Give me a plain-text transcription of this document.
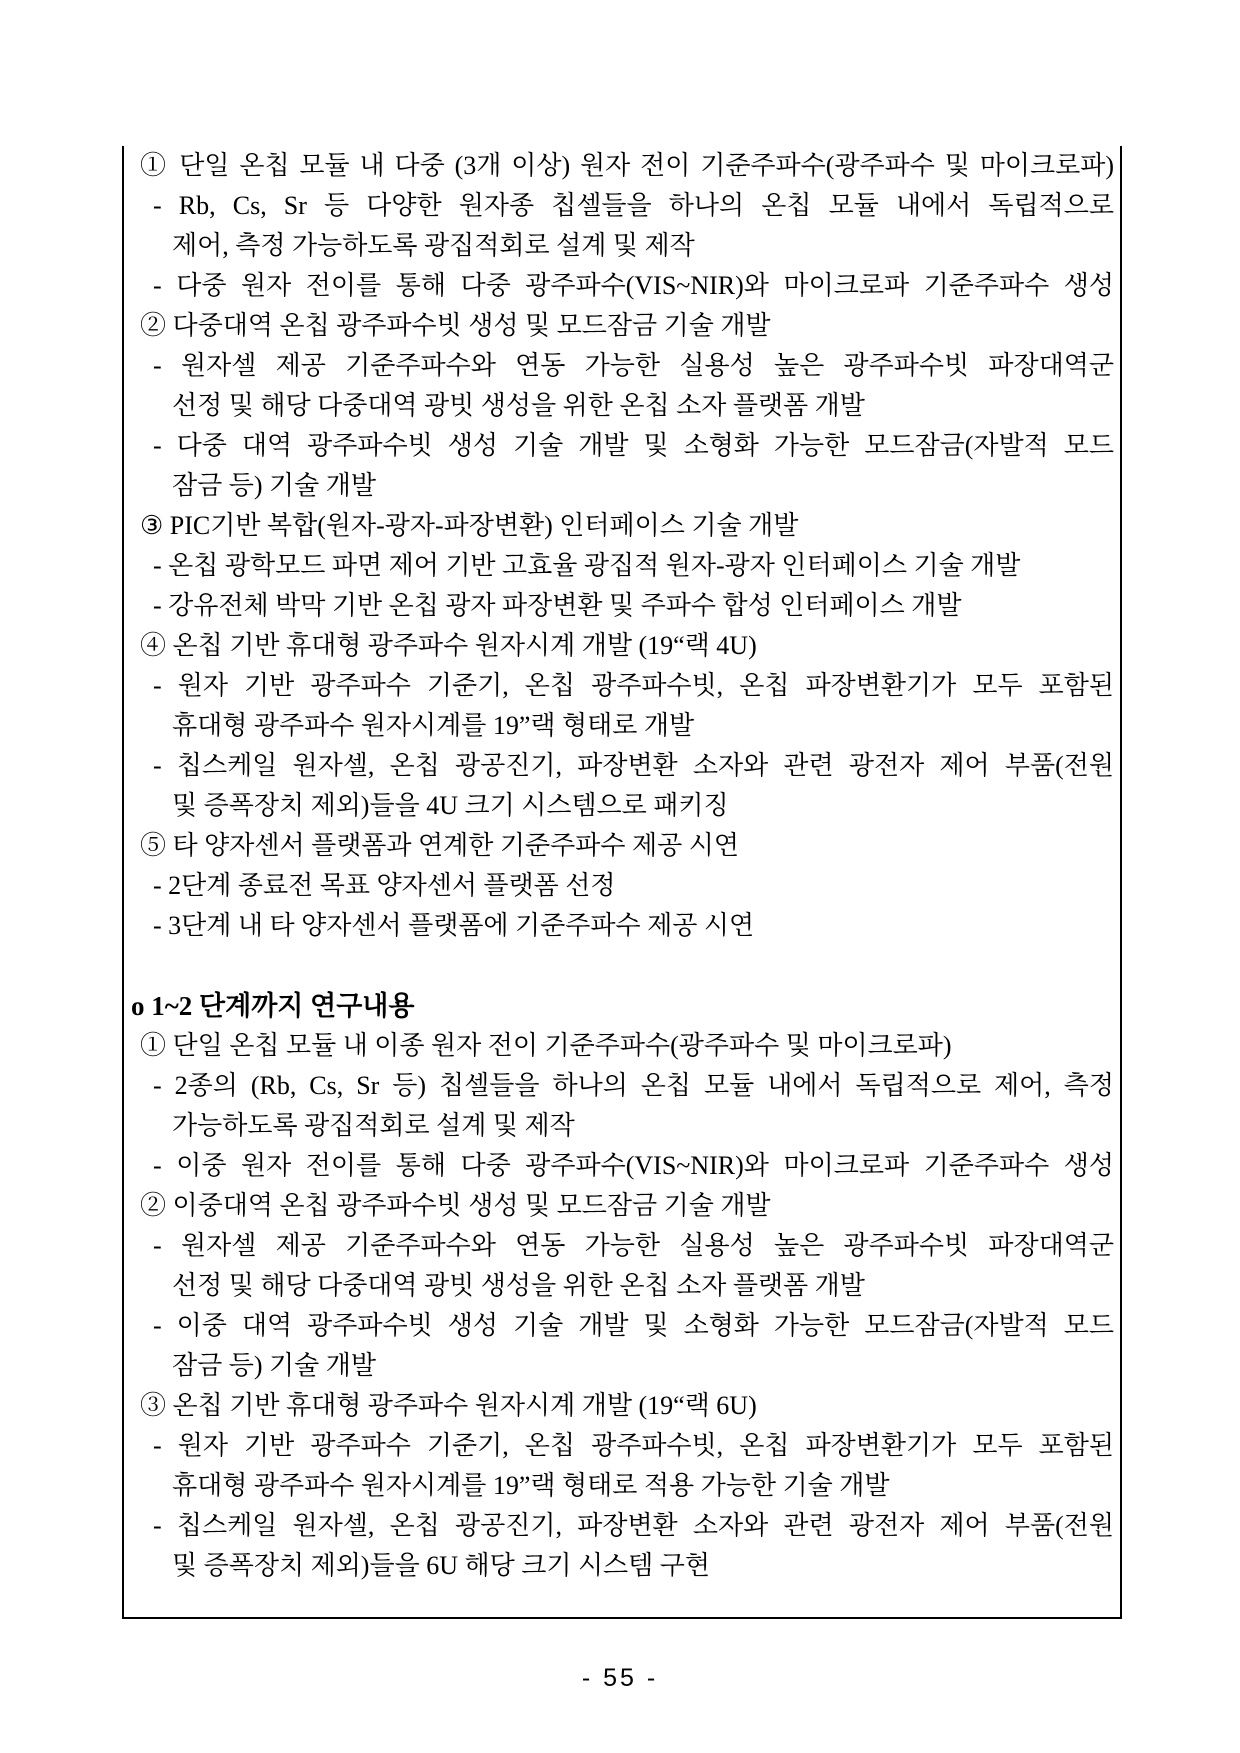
① 단일 온칩 모듈 내 다중 (3개 이상) 원자 전이 기준주파수(광주파수 및 마이크로파)
- Rb, Cs, Sr 등 다양한 원자종 칩셀들을 하나의 온칩 모듈 내에서 독립적으로
제어, 측정 가능하도록 광집적회로 설계 및 제작
- 다중 원자 전이를 통해 다중 광주파수(VIS~NIR)와 마이크로파 기준주파수 생성
② 다중대역 온칩 광주파수빗 생성 및 모드잠금 기술 개발
- 원자셀 제공 기준주파수와 연동 가능한 실용성 높은 광주파수빗 파장대역군
선정 및 해당 다중대역 광빗 생성을 위한 온칩 소자 플랫폼 개발
- 다중 대역 광주파수빗 생성 기술 개발 및 소형화 가능한 모드잠금(자발적 모드
잠금 등) 기술 개발
③ PIC기반 복합(원자-광자-파장변환) 인터페이스 기술 개발
- 온칩 광학모드 파면 제어 기반 고효율 광집적 원자-광자 인터페이스 기술 개발
- 강유전체 박막 기반 온칩 광자 파장변환 및 주파수 합성 인터페이스 개발
④ 온칩 기반 휴대형 광주파수 원자시계 개발 (19“랙 4U)
- 원자 기반 광주파수 기준기, 온칩 광주파수빗, 온칩 파장변환기가 모두 포함된
휴대형 광주파수 원자시계를 19”랙 형태로 개발
- 칩스케일 원자셀, 온칩 광공진기, 파장변환 소자와 관련 광전자 제어 부품(전원
및 증폭장치 제외)들을 4U 크기 시스템으로 패키징
⑤ 타 양자센서 플랫폼과 연계한 기준주파수 제공 시연
- 2단계 종료전 목표 양자센서 플랫폼 선정
- 3단계 내 타 양자센서 플랫폼에 기준주파수 제공 시연
o 1~2 단계까지 연구내용
① 단일 온칩 모듈 내 이종 원자 전이 기준주파수(광주파수 및 마이크로파)
- 2종의 (Rb, Cs, Sr 등) 칩셀들을 하나의 온칩 모듈 내에서 독립적으로 제어, 측정
가능하도록 광집적회로 설계 및 제작
- 이중 원자 전이를 통해 다중 광주파수(VIS~NIR)와 마이크로파 기준주파수 생성
② 이중대역 온칩 광주파수빗 생성 및 모드잠금 기술 개발
- 원자셀 제공 기준주파수와 연동 가능한 실용성 높은 광주파수빗 파장대역군
선정 및 해당 다중대역 광빗 생성을 위한 온칩 소자 플랫폼 개발
- 이중 대역 광주파수빗 생성 기술 개발 및 소형화 가능한 모드잠금(자발적 모드
잠금 등) 기술 개발
③ 온칩 기반 휴대형 광주파수 원자시계 개발 (19“랙 6U)
- 원자 기반 광주파수 기준기, 온칩 광주파수빗, 온칩 파장변환기가 모두 포함된
휴대형 광주파수 원자시계를 19”랙 형태로 적용 가능한 기술 개발
- 칩스케일 원자셀, 온칩 광공진기, 파장변환 소자와 관련 광전자 제어 부품(전원
및 증폭장치 제외)들을 6U 해당 크기 시스템 구현
- 55 -
